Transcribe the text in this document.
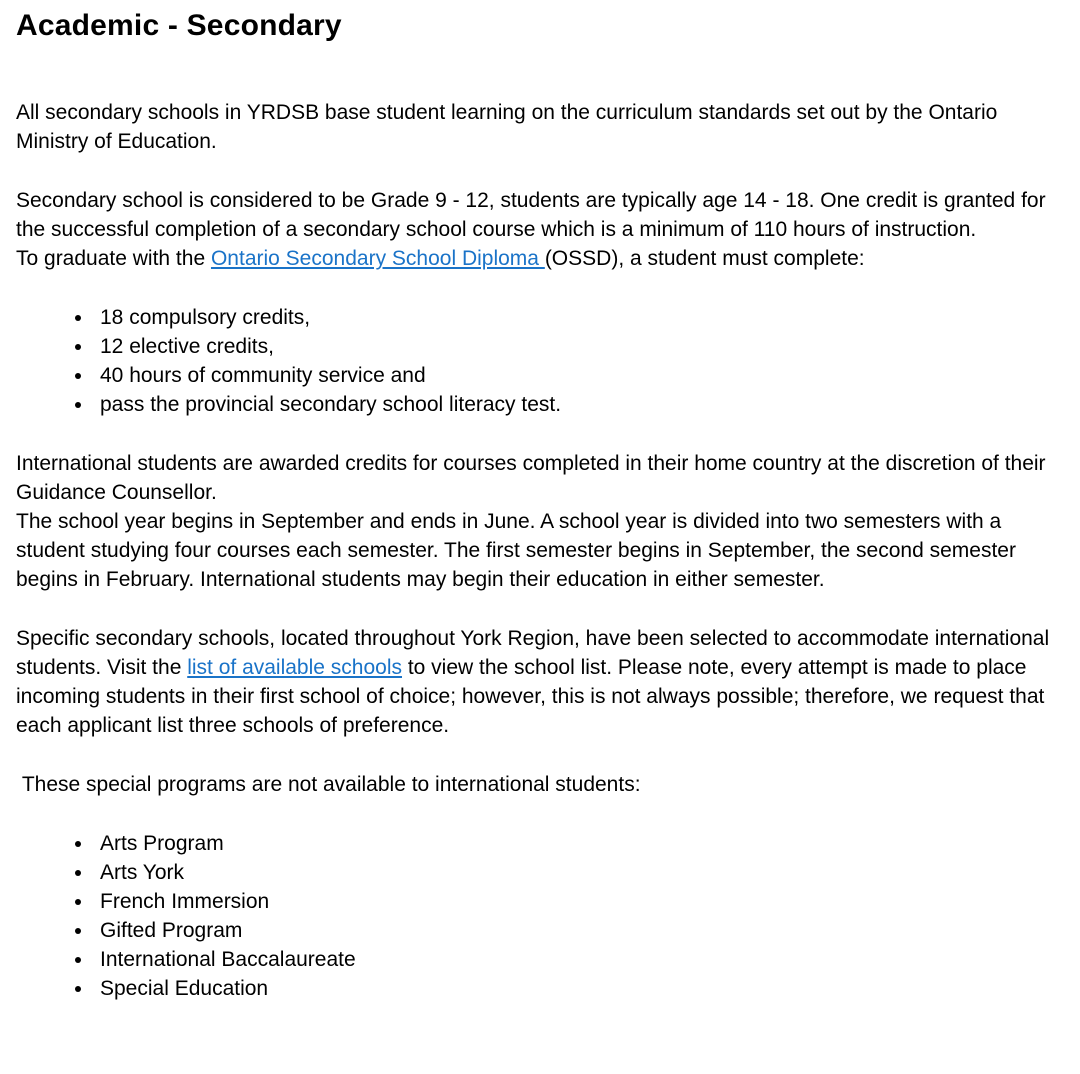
Academic - Secondary

All secondary schools in YRDSB base student learning on the curriculum standards set out by the Ontario Ministry of Education.

Secondary school is considered to be Grade 9 - 12, students are typically age 14 - 18. One credit is granted for the successful completion of a secondary school course which is a minimum of 110 hours of instruction.
To graduate with the Ontario Secondary School Diploma (OSSD), a student must complete:

• 18 compulsory credits,
• 12 elective credits,
• 40 hours of community service and
• pass the provincial secondary school literacy test.

International students are awarded credits for courses completed in their home country at the discretion of their Guidance Counsellor.
The school year begins in September and ends in June. A school year is divided into two semesters with a student studying four courses each semester. The first semester begins in September, the second semester begins in February. International students may begin their education in either semester.

Specific secondary schools, located throughout York Region, have been selected to accommodate international students. Visit the list of available schools to view the school list. Please note, every attempt is made to place incoming students in their first school of choice; however, this is not always possible; therefore, we request that each applicant list three schools of preference.

These special programs are not available to international students:

• Arts Program
• Arts York
• French Immersion
• Gifted Program
• International Baccalaureate
• Special Education
